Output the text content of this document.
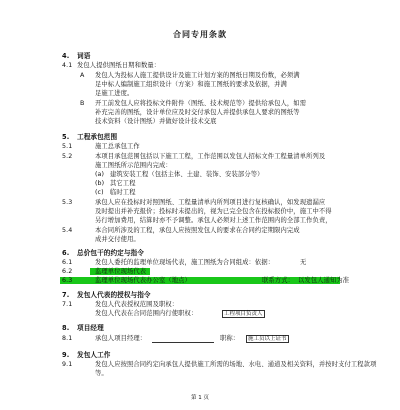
合同专用条款
4. 词语
4.1 发包人提供图纸日期和数量：
A 发包人为投标人施工提供设计及施工计划方案的图纸日期及份数，必须满
足中标人编制施工组织设计（方案）和施工图纸的要求及依据，并满
足施工进度。
B 开工前发包人应将投标文件附件（图纸、技术规范等）提供给承包人，如需
补充完善的图纸，设计单位应及时交付承包人并提供承包人要求的图纸等
技术资料（设计图纸）并做好设计技术交底
5. 工程承包范围
5.1	施工总承包工作
5.2	本项目承包范围包括以下施工工程，工作范围以发包人招标文件工程量清单所列及
施工图纸所示范围内完成：
(a) 建筑安装工程（包括主体、土建、装饰、安装部分等）
(b) 其它工程
(c) 临时工程
5.3	承包人应在投标时对照图纸、工程量清单内所列项目进行复核确认，如发现遗漏应
及时提出并补充报价；投标时未提出的，视为已完全包含在投标报价中，施工中不得
另行增加费用，结算时亦不予调整。承包人必须对上述工作范围内的全部工作负责，
5.4	本合同所涉及的工程，承包人应按照发包人的要求在合同约定期限内完成
成并交付使用。
6. 总价包干的约定与指令
6.1	发包人委托的监理单位现场代表，施工图纸为合同组成：依据：	无
6.2	监理单位现场代表
6.3	监理单位现场代表办公室（地点）	联系方式： 以发包人通知为准
7. 发包人代表的授权与指令
7.1	发包人代表授权范围及职权：
发包人代表在合同范围内行使职权：	工程项目负责人
8. 项目经理
8.1	承包人项目经理：	职称：	施工员以上证书
9. 发包人工作
9.1	发包人应按照合同约定向承包人提供施工所需的场地、水电、通道及相关资料，并按时支付工程款项
等。
第 1 页
